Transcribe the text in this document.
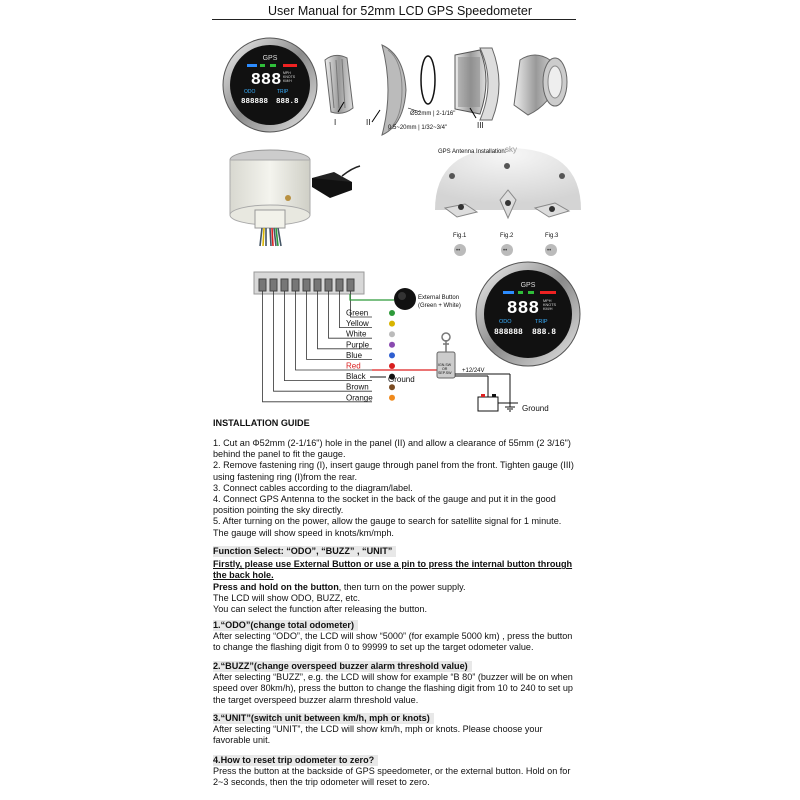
User Manual for 52mm LCD GPS Speedometer
GPS
888 MPH
KNOTS
KM/H
ODO	TRIP
888888 888.8
I	II	III
Ø52mm | 2-1/16"
0.5~20mm | 1/32~3/4"
GPS Antenna Installation:
sky
Fig.1	Fig.2	Fig.3
••	••	••
Green
Yellow
White
Purple
Blue
Red
Black
Brown
Orange
External Button
(Green + White)
Ground
IGN.SW
OR
SEP.SW +12/24V
Ground
GPS
888 MPH
KNOTS
KM/H
ODO	TRIP
888888 888.8

INSTALLATION GUIDE

1. Cut an Φ52mm (2-1/16") hole in the panel (II) and allow a clearance of 55mm (2 3/16") behind the panel to fit the gauge.

2. Remove fastening ring (I), insert gauge through panel from the front. Tighten gauge (III) using fastening ring (I)from the rear.

3. Connect cables according to the diagram/label.

4. Connect GPS Antenna to the socket in the back of the gauge and put it in the good position pointing the sky directly.

5. After turning on the power, allow the gauge to search for satellite signal for 1 minute. The gauge will show speed in knots/km/mph.

Function Select: “ODO”, “BUZZ” , “UNIT”

Firstly, please use External Button or use a pin to press the internal button through the back hole.

Press and hold on the button, then turn on the power supply.

The LCD will show ODO, BUZZ, etc.

You can select the function after releasing the button.

1.“ODO”(change total odometer)

After selecting “ODO”, the LCD will show “5000” (for example 5000 km) , press the button to change the flashing digit from 0 to 99999 to set up the target odometer value.

2.“BUZZ”(change overspeed buzzer alarm threshold value)

After selecting “BUZZ”, e.g. the LCD will show for example “B 80” (buzzer will be on when speed over 80km/h), press the button to change the flashing digit from 10 to 240 to set up the target overspeed buzzer alarm threshold value.

3.“UNIT”(switch unit between km/h, mph or knots)

After selecting “UNIT”, the LCD will show km/h, mph or knots. Please choose your favorable unit.

4.How to reset trip odometer to zero?

Press the button at the backside of GPS speedometer, or the external button. Hold on for 2~3 seconds, then the trip odometer will reset to zero.
